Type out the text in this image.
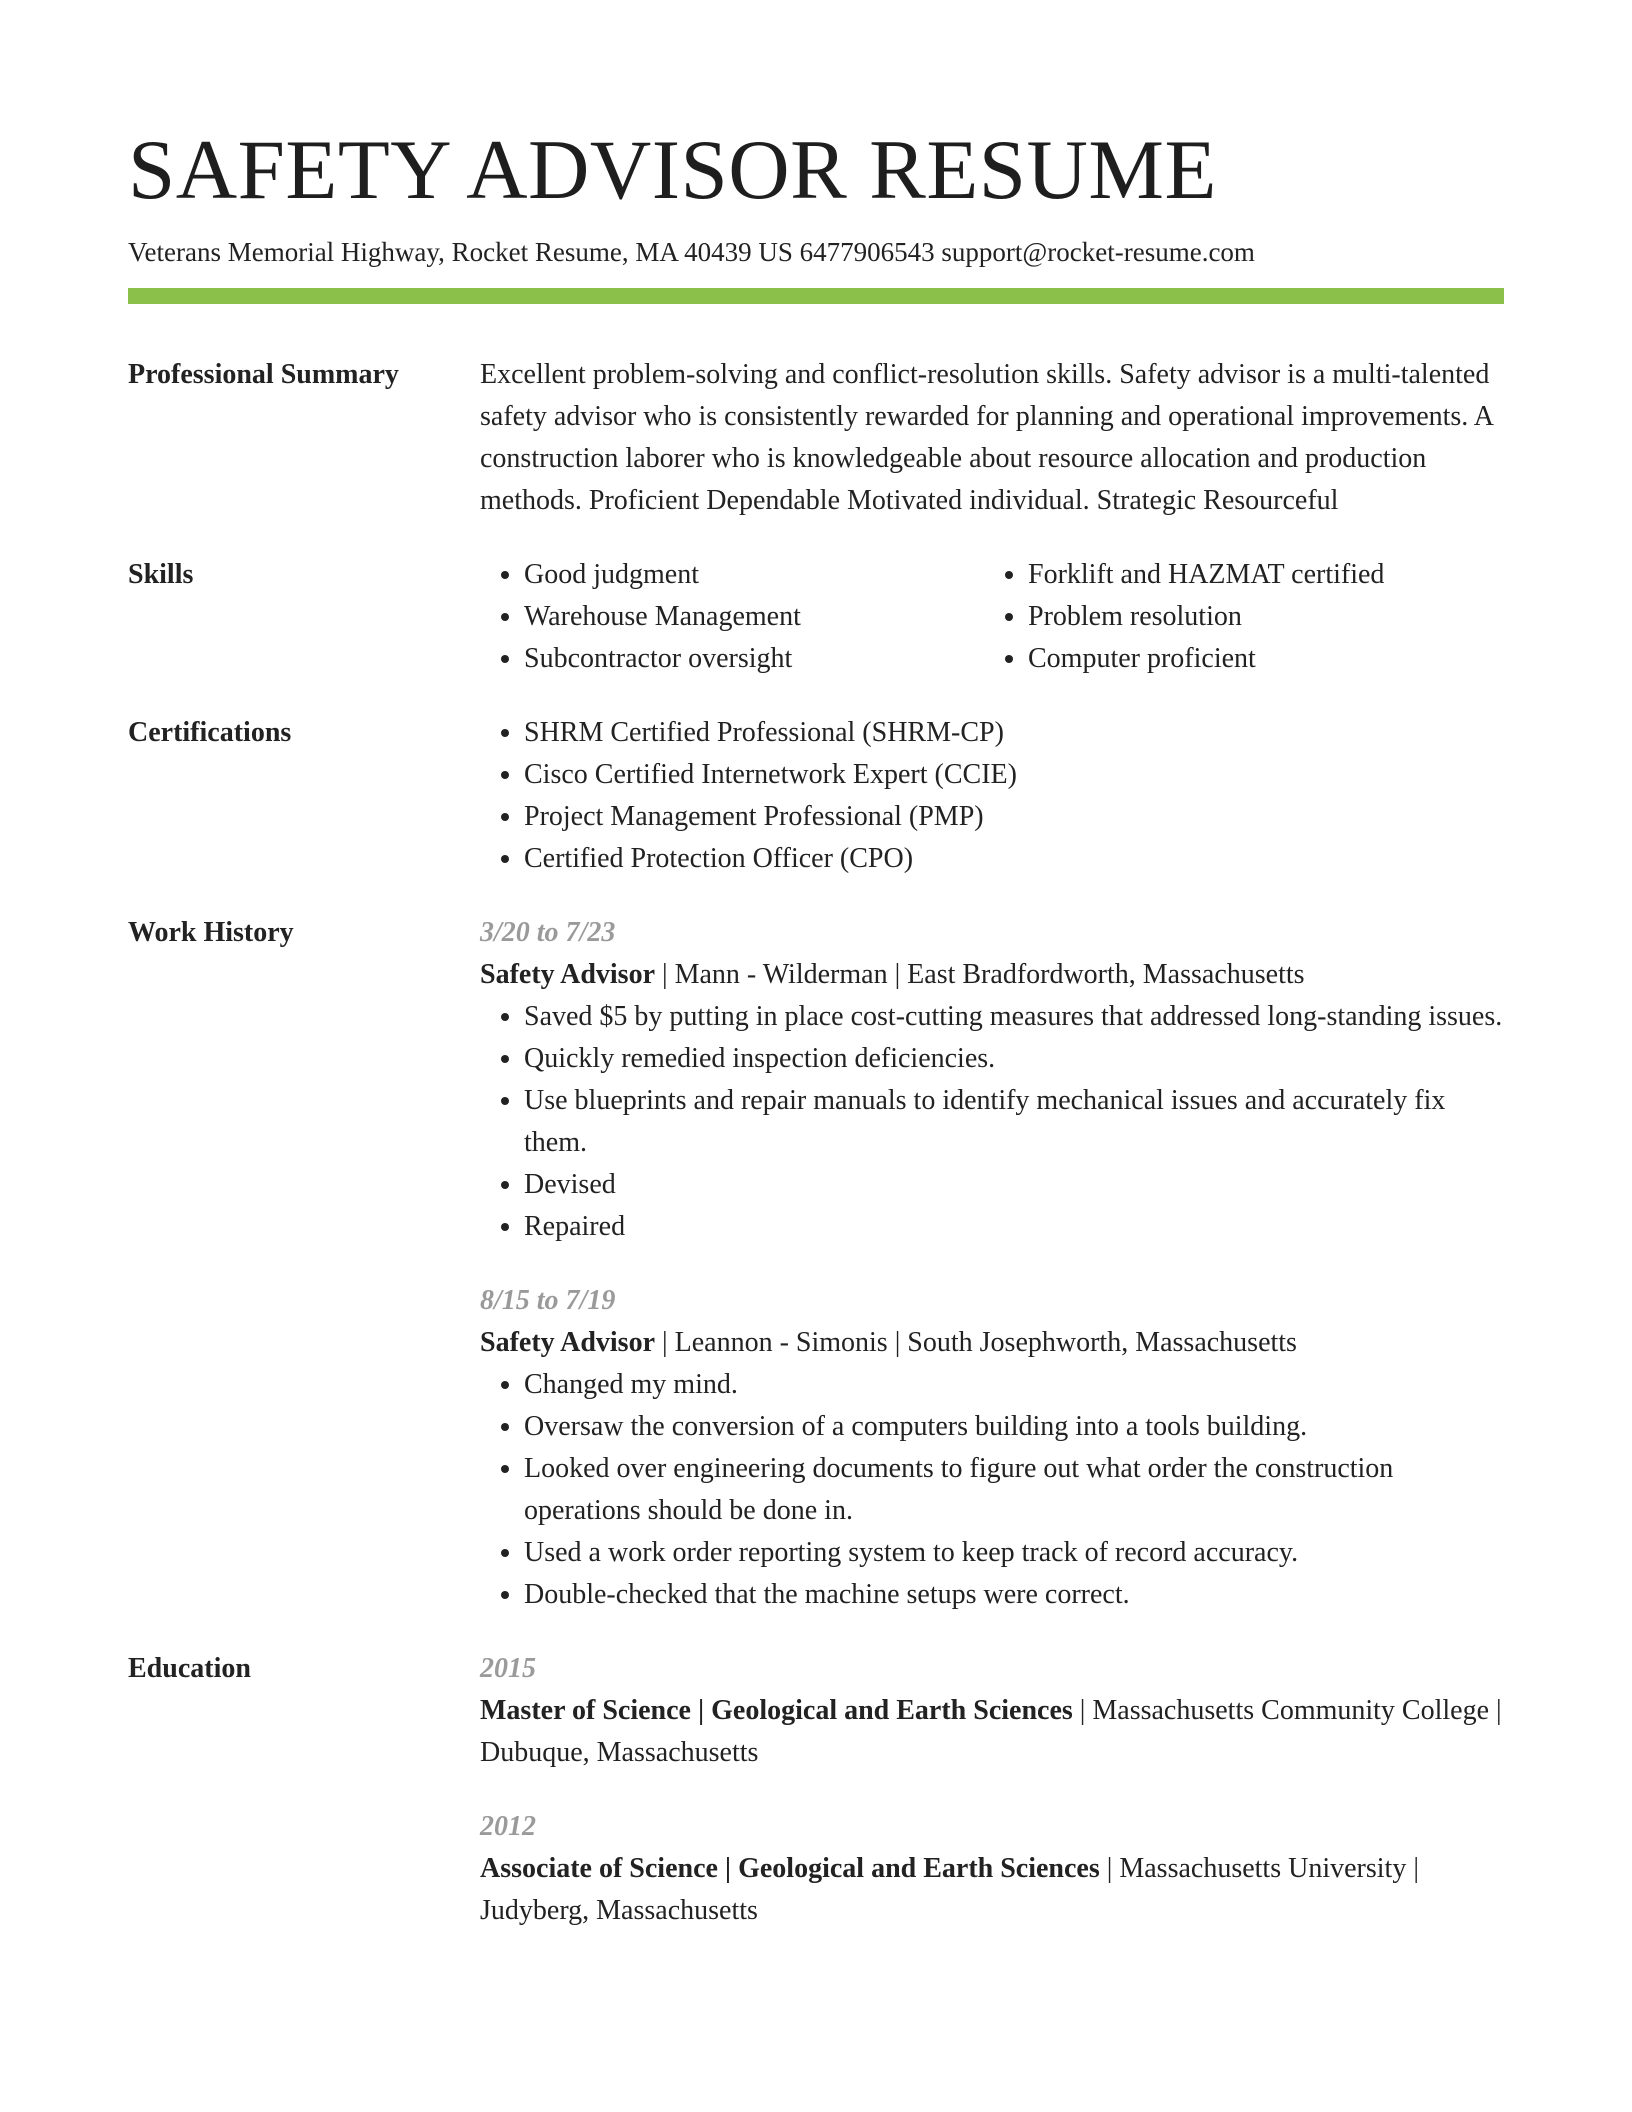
SAFETY ADVISOR RESUME
Veterans Memorial Highway, Rocket Resume, MA 40439 US 6477906543 support@rocket-resume.com
Professional Summary	Excellent problem-solving and conflict-resolution skills. Safety advisor is a multi-talented safety advisor who is consistently rewarded for planning and operational improvements. A construction laborer who is knowledgeable about resource allocation and production methods. Proficient Dependable Motivated individual. Strategic Resourceful
Skills	• Good judgment
• Warehouse Management
• Subcontractor oversight
• Forklift and HAZMAT certified
• Problem resolution
• Computer proficient
Certifications	• SHRM Certified Professional (SHRM-CP)
• Cisco Certified Internetwork Expert (CCIE)
• Project Management Professional (PMP)
• Certified Protection Officer (CPO)
Work History	3/20 to 7/23
Safety Advisor | Mann - Wilderman | East Bradfordworth, Massachusetts
• Saved $5 by putting in place cost-cutting measures that addressed long-standing issues.
• Quickly remedied inspection deficiencies.
• Use blueprints and repair manuals to identify mechanical issues and accurately fix them.
• Devised
• Repaired
8/15 to 7/19
Safety Advisor | Leannon - Simonis | South Josephworth, Massachusetts
• Changed my mind.
• Oversaw the conversion of a computers building into a tools building.
• Looked over engineering documents to figure out what order the construction operations should be done in.
• Used a work order reporting system to keep track of record accuracy.
• Double-checked that the machine setups were correct.
Education	2015
Master of Science | Geological and Earth Sciences | Massachusetts Community College | Dubuque, Massachusetts
2012
Associate of Science | Geological and Earth Sciences | Massachusetts University | Judyberg, Massachusetts
